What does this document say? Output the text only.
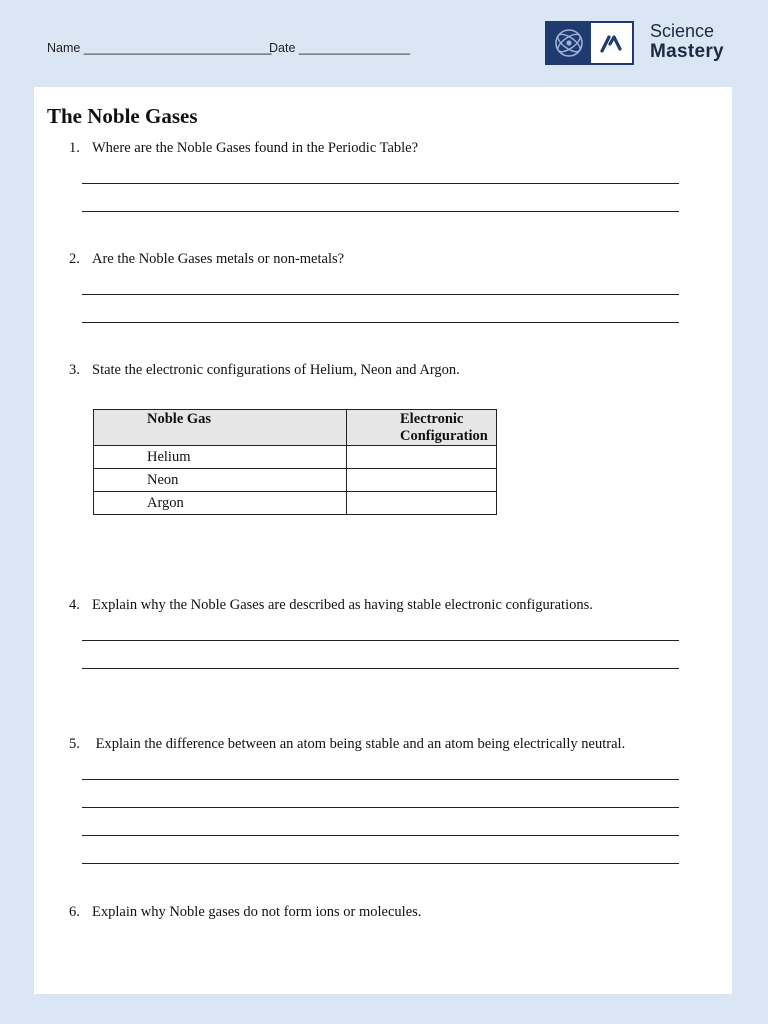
Name ___________________________
Date ________________
Science
Mastery
The Noble Gases
1. Where are the Noble Gases found in the Periodic Table?
2. Are the Noble Gases metals or non-metals?
3. State the electronic configurations of Helium, Neon and Argon.
Noble Gas	Electronic Configuration
Helium	
Neon	
Argon	
4. Explain why the Noble Gases are described as having stable electronic configurations.
5. Explain the difference between an atom being stable and an atom being electrically neutral.
6. Explain why Noble gases do not form ions or molecules.
